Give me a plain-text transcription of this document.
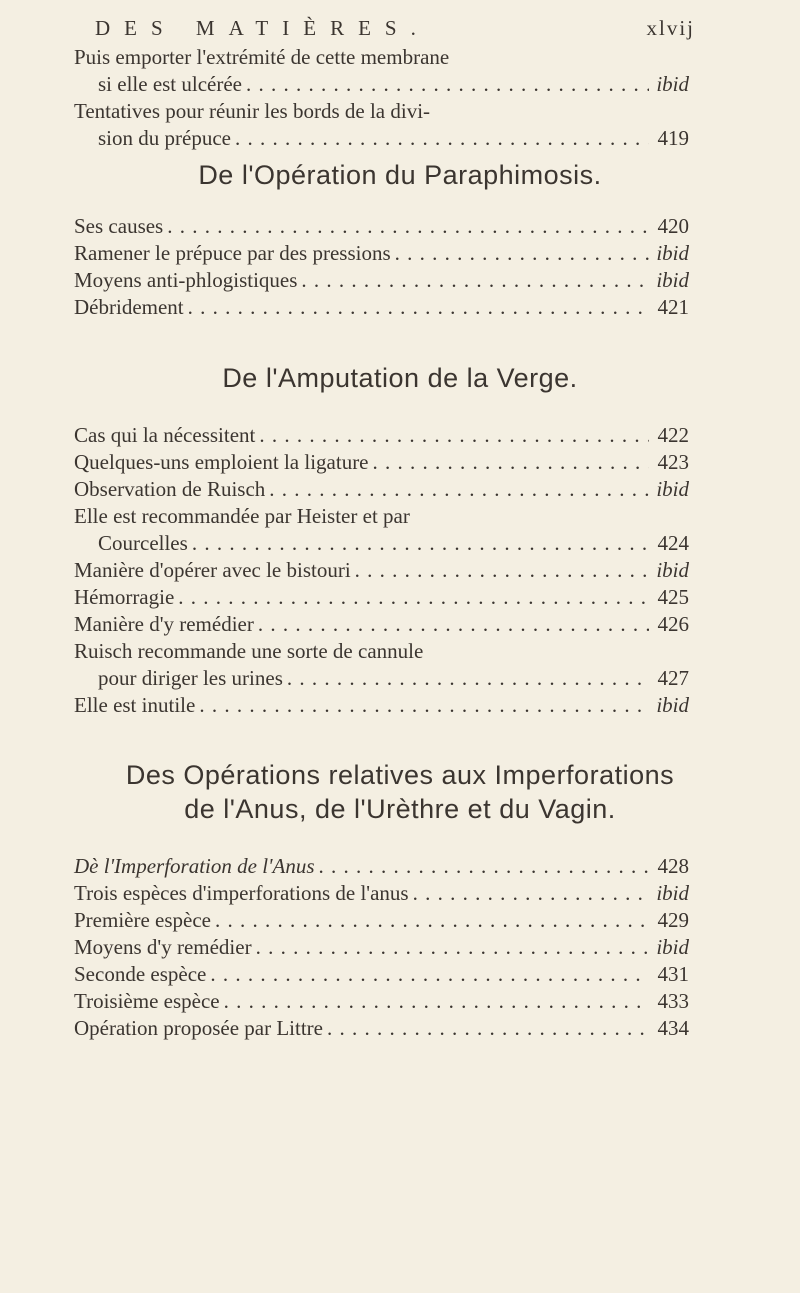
DES MATIÈRES.	xlvij
Puis emporter l'extrémité de cette membrane
si elle est ulcérée . . .	ibid
Tentatives pour réunir les bords de la divi-
sion du prépuce . . .	419
De l'Opération du Paraphimosis.
Ses causes . . .	420
Ramener le prépuce par des pressions . . .	ibid
Moyens anti-phlogistiques . . .	ibid
Débridement . . .	421
De l'Amputation de la Verge.
Cas qui la nécessitent . . .	422
Quelques-uns emploient la ligature . . .	423
Observation de Ruisch . . .	ibid
Elle est recommandée par Heister et par
Courcelles . . .	424
Manière d'opérer avec le bistouri . . .	ibid
Hémorragie . . .	425
Manière d'y remédier . . .	426
Ruisch recommande une sorte de cannule
pour diriger les urines . . .	427
Elle est inutile . . .	ibid
Des Opérations relatives aux Imperforations
de l'Anus, de l'Urèthre et du Vagin.
Dè l'Imperforation de l'Anus . . .	428
Trois espèces d'imperforations de l'anus . . .	ibid
Première espèce . . .	429
Moyens d'y remédier . . .	ibid
Seconde espèce . . .	431
Troisième espèce . . .	433
Opération proposée par Littre . . .	434
